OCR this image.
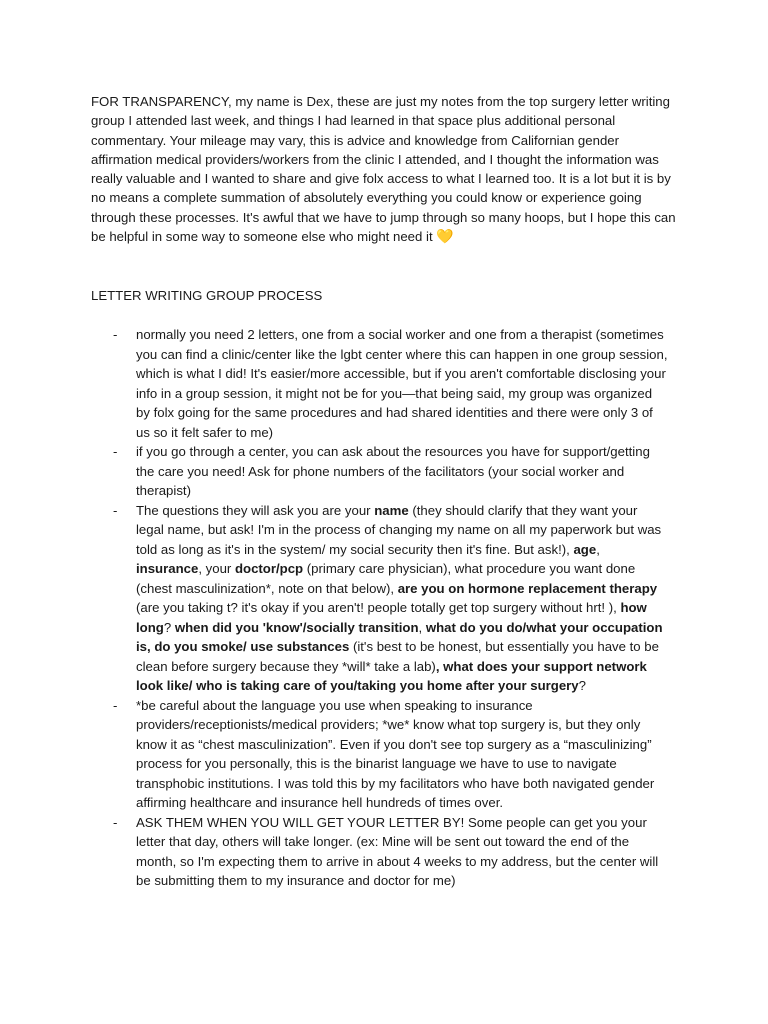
FOR TRANSPARENCY, my name is Dex, these are just my notes from the top surgery letter writing group I attended last week, and things I had learned in that space plus additional personal commentary. Your mileage may vary, this is advice and knowledge from Californian gender affirmation medical providers/workers from the clinic I attended, and I thought the information was really valuable and I wanted to share and give folx access to what I learned too. It is a lot but it is by no means a complete summation of absolutely everything you could know or experience going through these processes. It's awful that we have to jump through so many hoops, but I hope this can be helpful in some way to someone else who might need it 💛

LETTER WRITING GROUP PROCESS
- normally you need 2 letters, one from a social worker and one from a therapist (sometimes you can find a clinic/center like the lgbt center where this can happen in one group session, which is what I did! It's easier/more accessible, but if you aren't comfortable disclosing your info in a group session, it might not be for you—that being said, my group was organized by folx going for the same procedures and had shared identities and there were only 3 of us so it felt safer to me)
- if you go through a center, you can ask about the resources you have for support/getting the care you need! Ask for phone numbers of the facilitators (your social worker and therapist)
- The questions they will ask you are your name (they should clarify that they want your legal name, but ask! I'm in the process of changing my name on all my paperwork but was told as long as it's in the system/ my social security then it's fine. But ask!), age, insurance, your doctor/pcp (primary care physician), what procedure you want done (chest masculinization*, note on that below), are you on hormone replacement therapy (are you taking t? it's okay if you aren't! people totally get top surgery without hrt! ), how long? when did you 'know'/socially transition, what do you do/what your occupation is, do you smoke/ use substances (it's best to be honest, but essentially you have to be clean before surgery because they *will* take a lab), what does your support network look like/ who is taking care of you/taking you home after your surgery?
- *be careful about the language you use when speaking to insurance providers/receptionists/medical providers; *we* know what top surgery is, but they only know it as “chest masculinization”. Even if you don't see top surgery as a “masculinizing” process for you personally, this is the binarist language we have to use to navigate transphobic institutions. I was told this by my facilitators who have both navigated gender affirming healthcare and insurance hell hundreds of times over.
- ASK THEM WHEN YOU WILL GET YOUR LETTER BY! Some people can get you your letter that day, others will take longer. (ex: Mine will be sent out toward the end of the month, so I'm expecting them to arrive in about 4 weeks to my address, but the center will be submitting them to my insurance and doctor for me)
